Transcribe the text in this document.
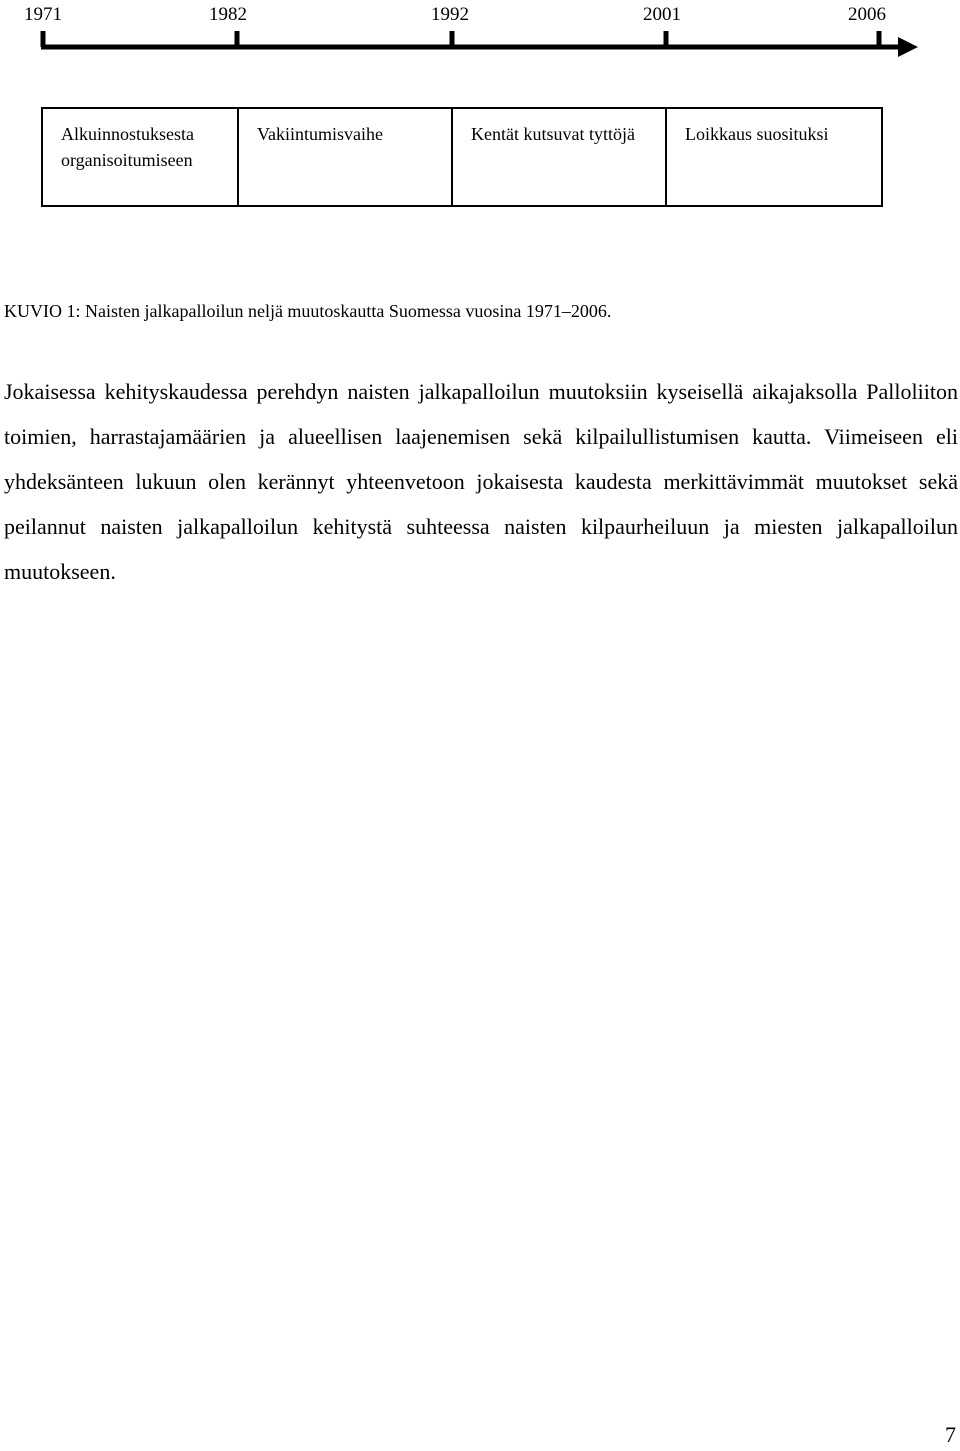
1971	1982	1992	2001	2006
Alkuinnostuksesta organisoitumiseen	Vakiintumisvaihe	Kentät kutsuvat tyttöjä	Loikkaus suosituksi
KUVIO 1: Naisten jalkapalloilun neljä muutoskautta Suomessa vuosina 1971–2006.

Jokaisessa kehityskaudessa perehdyn naisten jalkapalloilun muutoksiin kyseisellä aikajaksolla Palloliiton toimien, harrastajamäärien ja alueellisen laajenemisen sekä kilpailullistumisen kautta. Viimeiseen eli yhdeksänteen lukuun olen kerännyt yhteenvetoon jokaisesta kaudesta merkittävimmät muutokset sekä peilannut naisten jalkapalloilun kehitystä suhteessa naisten kilpaurheiluun ja miesten jalkapalloilun muutokseen.

7
